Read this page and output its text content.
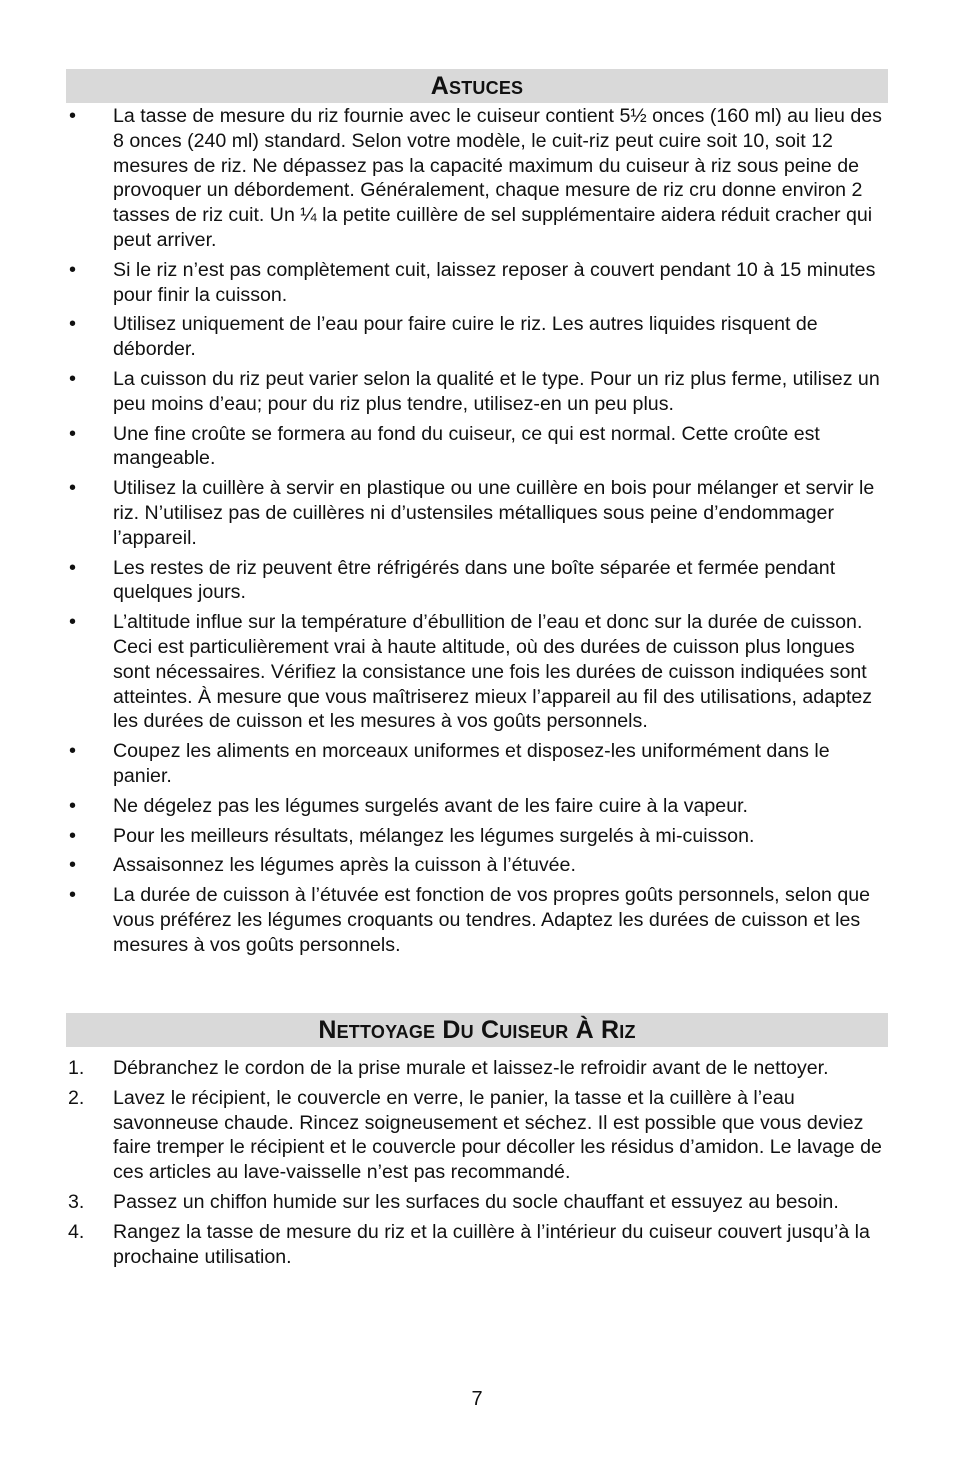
Astuces
• La tasse de mesure du riz fournie avec le cuiseur contient 5½ onces (160 ml) au lieu des 8 onces (240 ml) standard. Selon votre modèle, le cuit-riz peut cuire soit 10, soit 12 mesures de riz. Ne dépassez pas la capacité maximum du cuiseur à riz sous peine de provoquer un débordement. Généralement, chaque mesure de riz cru donne environ 2 tasses de riz cuit. Un ¼ la petite cuillère de sel supplémentaire aidera réduit cracher qui peut arriver.
• Si le riz n’est pas complètement cuit, laissez reposer à couvert pendant 10 à 15 minutes pour finir la cuisson.
• Utilisez uniquement de l’eau pour faire cuire le riz. Les autres liquides risquent de déborder.
• La cuisson du riz peut varier selon la qualité et le type. Pour un riz plus ferme, utilisez un peu moins d’eau; pour du riz plus tendre, utilisez-en un peu plus.
• Une fine croûte se formera au fond du cuiseur, ce qui est normal. Cette croûte est mangeable.
• Utilisez la cuillère à servir en plastique ou une cuillère en bois pour mélanger et servir le riz. N’utilisez pas de cuillères ni d’ustensiles métalliques sous peine d’endommager l’appareil.
• Les restes de riz peuvent être réfrigérés dans une boîte séparée et fermée pendant quelques jours.
• L’altitude influe sur la température d’ébullition de l’eau et donc sur la durée de cuisson. Ceci est particulièrement vrai à haute altitude, où des durées de cuisson plus longues sont nécessaires. Vérifiez la consistance une fois les durées de cuisson indiquées sont atteintes. À mesure que vous maîtriserez mieux l’appareil au fil des utilisations, adaptez les durées de cuisson et les mesures à vos goûts personnels.
• Coupez les aliments en morceaux uniformes et disposez-les uniformément dans le panier.
• Ne dégelez pas les légumes surgelés avant de les faire cuire à la vapeur.
• Pour les meilleurs résultats, mélangez les légumes surgelés à mi-cuisson.
• Assaisonnez les légumes après la cuisson à l’étuvée.
• La durée de cuisson à l’étuvée est fonction de vos propres goûts personnels, selon que vous préférez les légumes croquants ou tendres. Adaptez les durées de cuisson et les mesures à vos goûts personnels.
Nettoyage Du Cuiseur À Riz
1. Débranchez le cordon de la prise murale et laissez-le refroidir avant de le nettoyer.
2. Lavez le récipient, le couvercle en verre, le panier, la tasse et la cuillère à l’eau savonneuse chaude. Rincez soigneusement et séchez. Il est possible que vous deviez faire tremper le récipient et le couvercle pour décoller les résidus d’amidon. Le lavage de ces articles au lave-vaisselle n’est pas recommandé.
3. Passez un chiffon humide sur les surfaces du socle chauffant et essuyez au besoin.
4. Rangez la tasse de mesure du riz et la cuillère à l’intérieur du cuiseur couvert jusqu’à la prochaine utilisation.
7
